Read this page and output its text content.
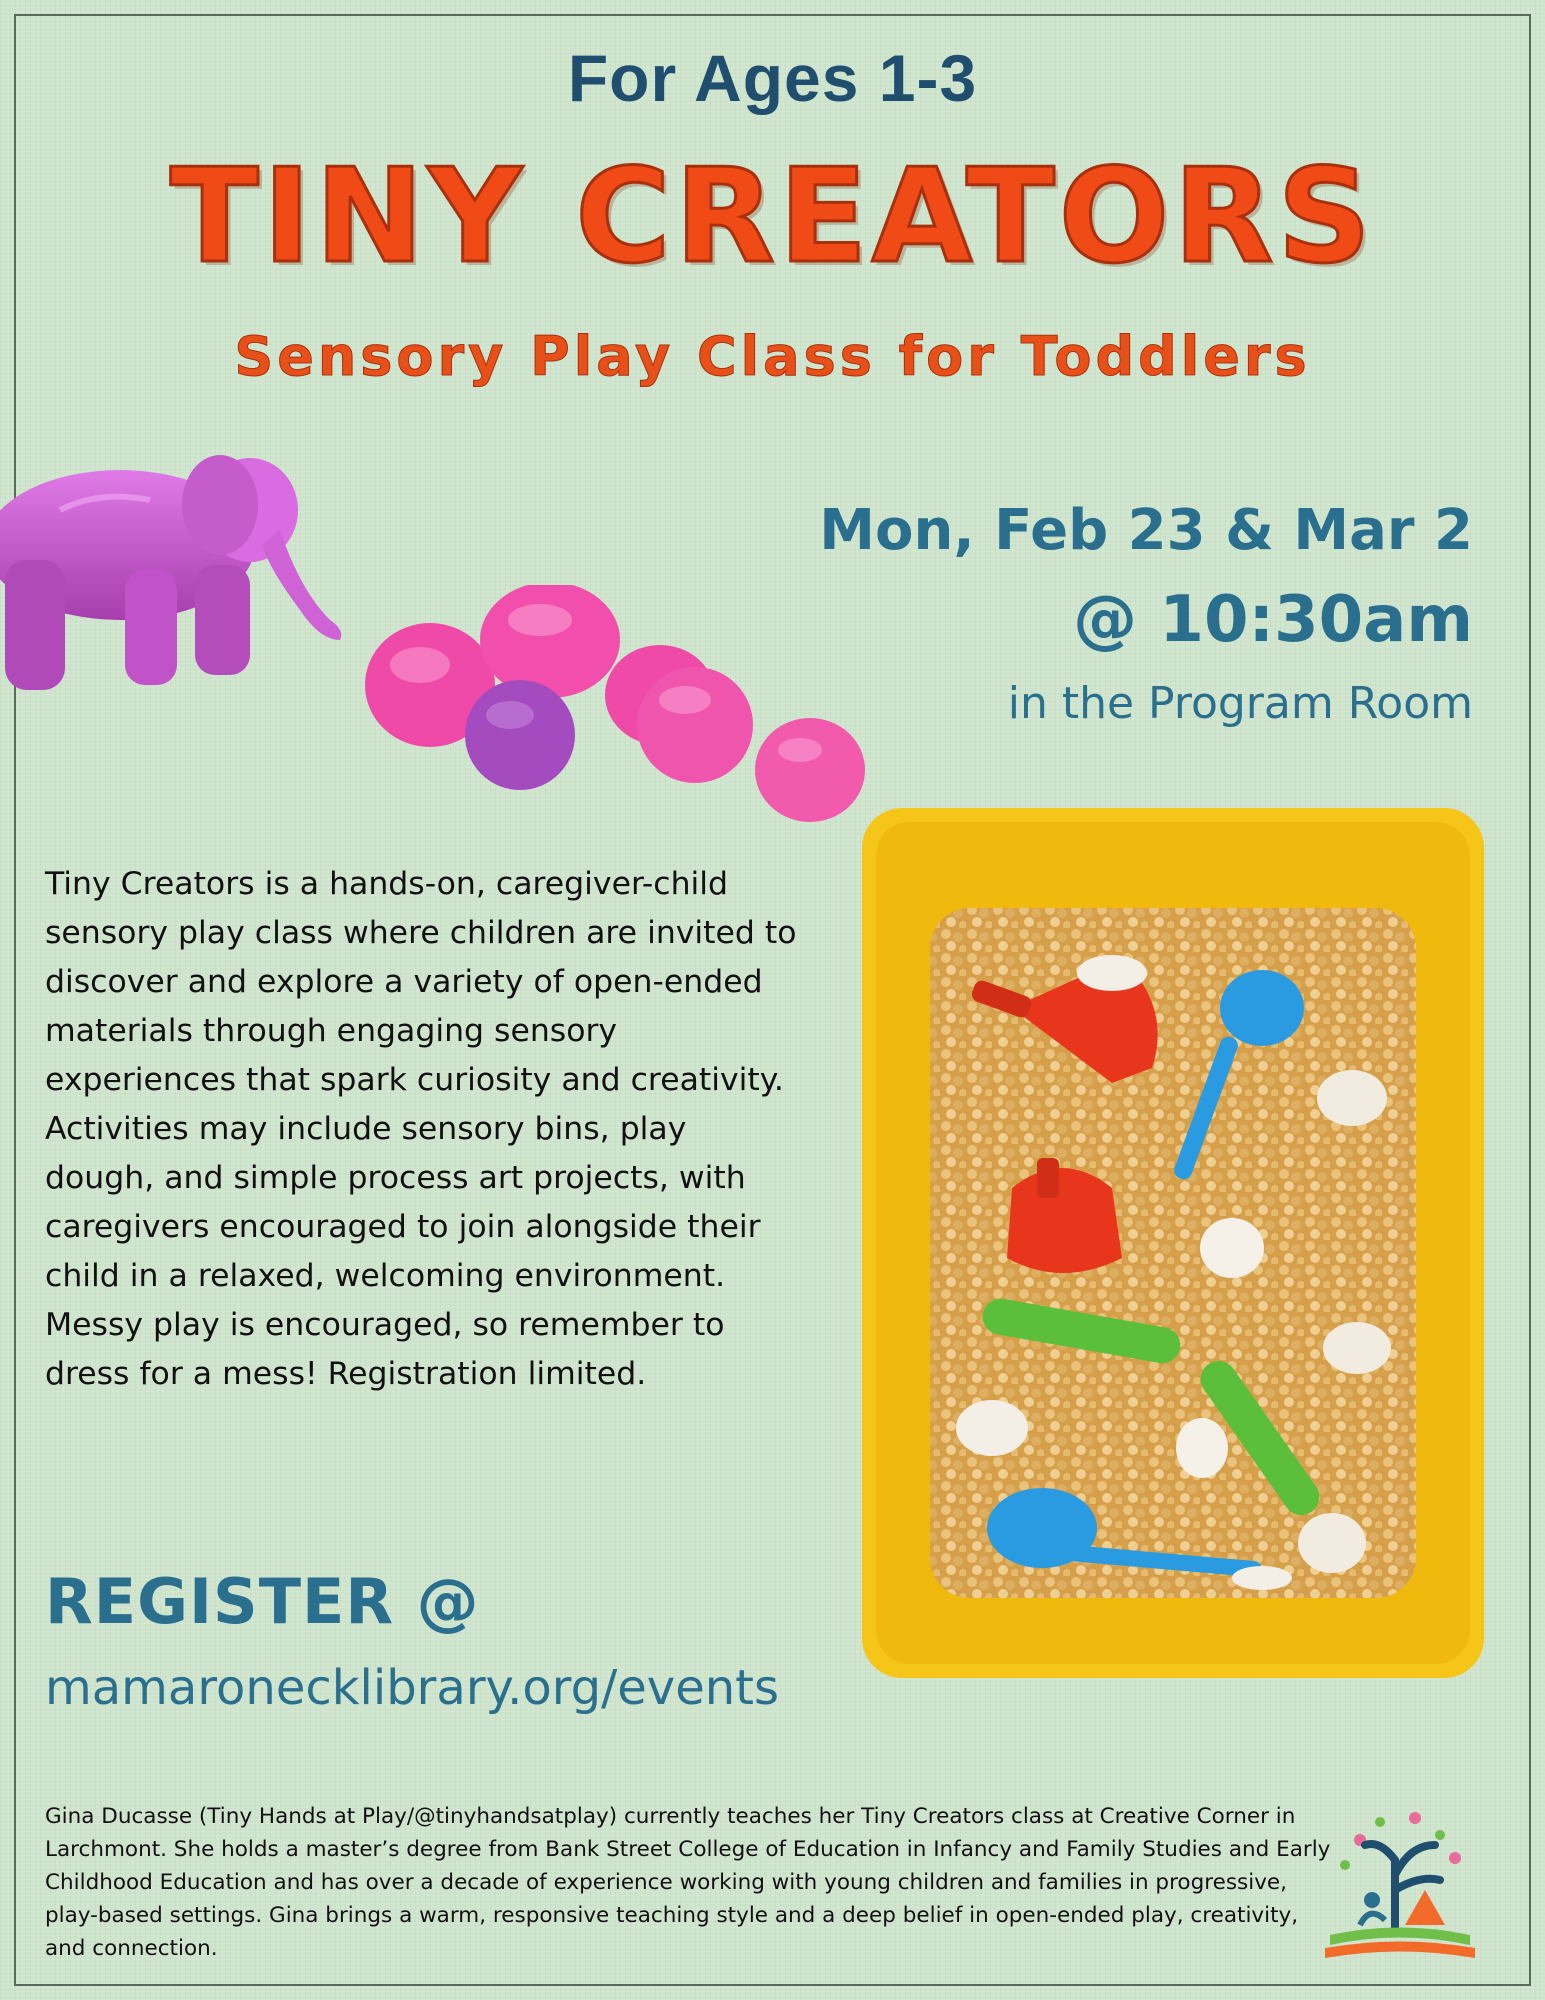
For Ages 1-3
TINY CREATORS
Sensory Play Class for Toddlers
Mon, Feb 23 & Mar 2
@ 10:30am
in the Program Room
Tiny Creators is a hands-on, caregiver-child sensory play class where children are invited to discover and explore a variety of open-ended materials through engaging sensory experiences that spark curiosity and creativity. Activities may include sensory bins, play dough, and simple process art projects, with caregivers encouraged to join alongside their child in a relaxed, welcoming environment. Messy play is encouraged, so remember to dress for a mess! Registration limited.
REGISTER @
mamaronecklibrary.org/events
Gina Ducasse (Tiny Hands at Play/@tinyhandsatplay) currently teaches her Tiny Creators class at Creative Corner in Larchmont. She holds a master’s degree from Bank Street College of Education in Infancy and Family Studies and Early Childhood Education and has over a decade of experience working with young children and families in progressive, play-based settings. Gina brings a warm, responsive teaching style and a deep belief in open-ended play, creativity, and connection.
